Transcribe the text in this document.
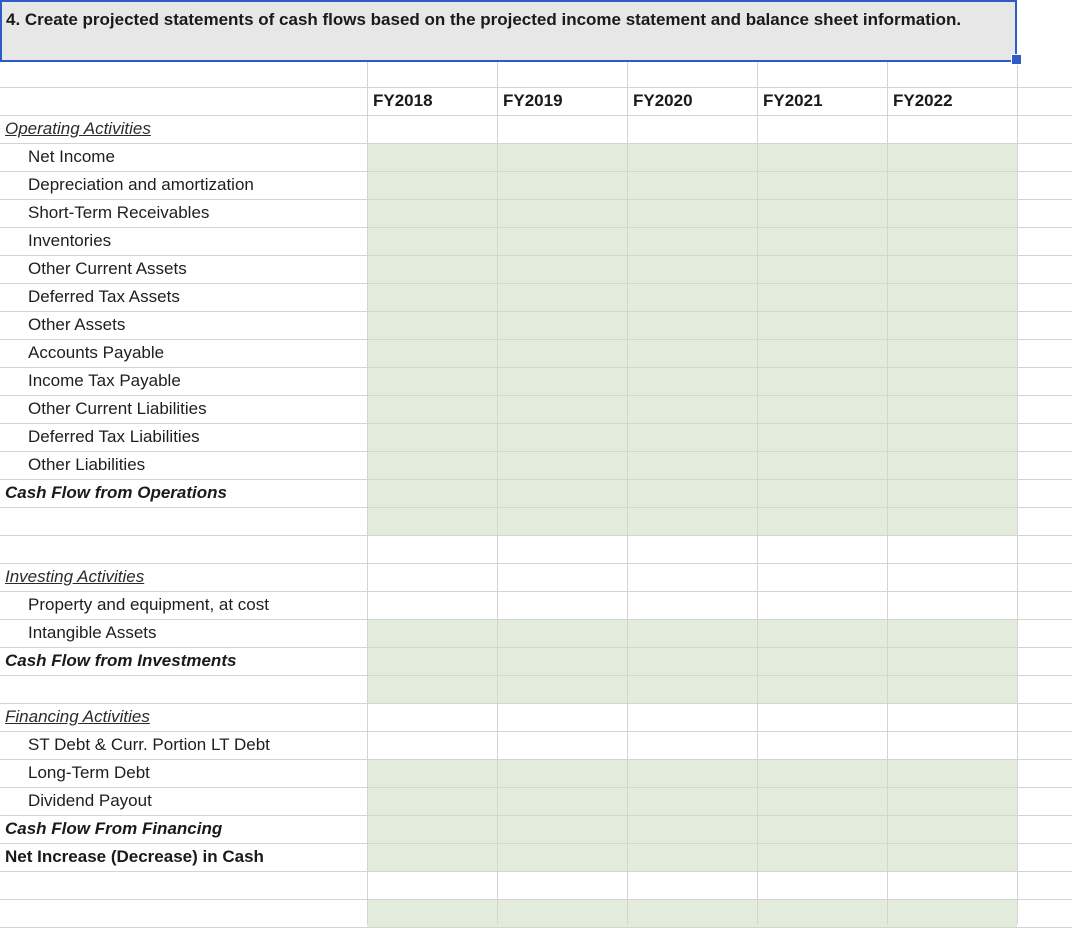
4. Create projected statements of cash flows based on the projected income statement and balance sheet information.
FY2018	FY2019	FY2020	FY2021	FY2022
Operating Activities
Net Income
Depreciation and amortization
Short-Term Receivables
Inventories
Other Current Assets
Deferred Tax Assets
Other Assets
Accounts Payable
Income Tax Payable
Other Current Liabilities
Deferred Tax Liabilities
Other Liabilities
Cash Flow from Operations
Investing Activities
Property and equipment, at cost
Intangible Assets
Cash Flow from Investments
Financing Activities
ST Debt & Curr. Portion LT Debt
Long-Term Debt
Dividend Payout
Cash Flow From Financing
Net Increase (Decrease) in Cash
